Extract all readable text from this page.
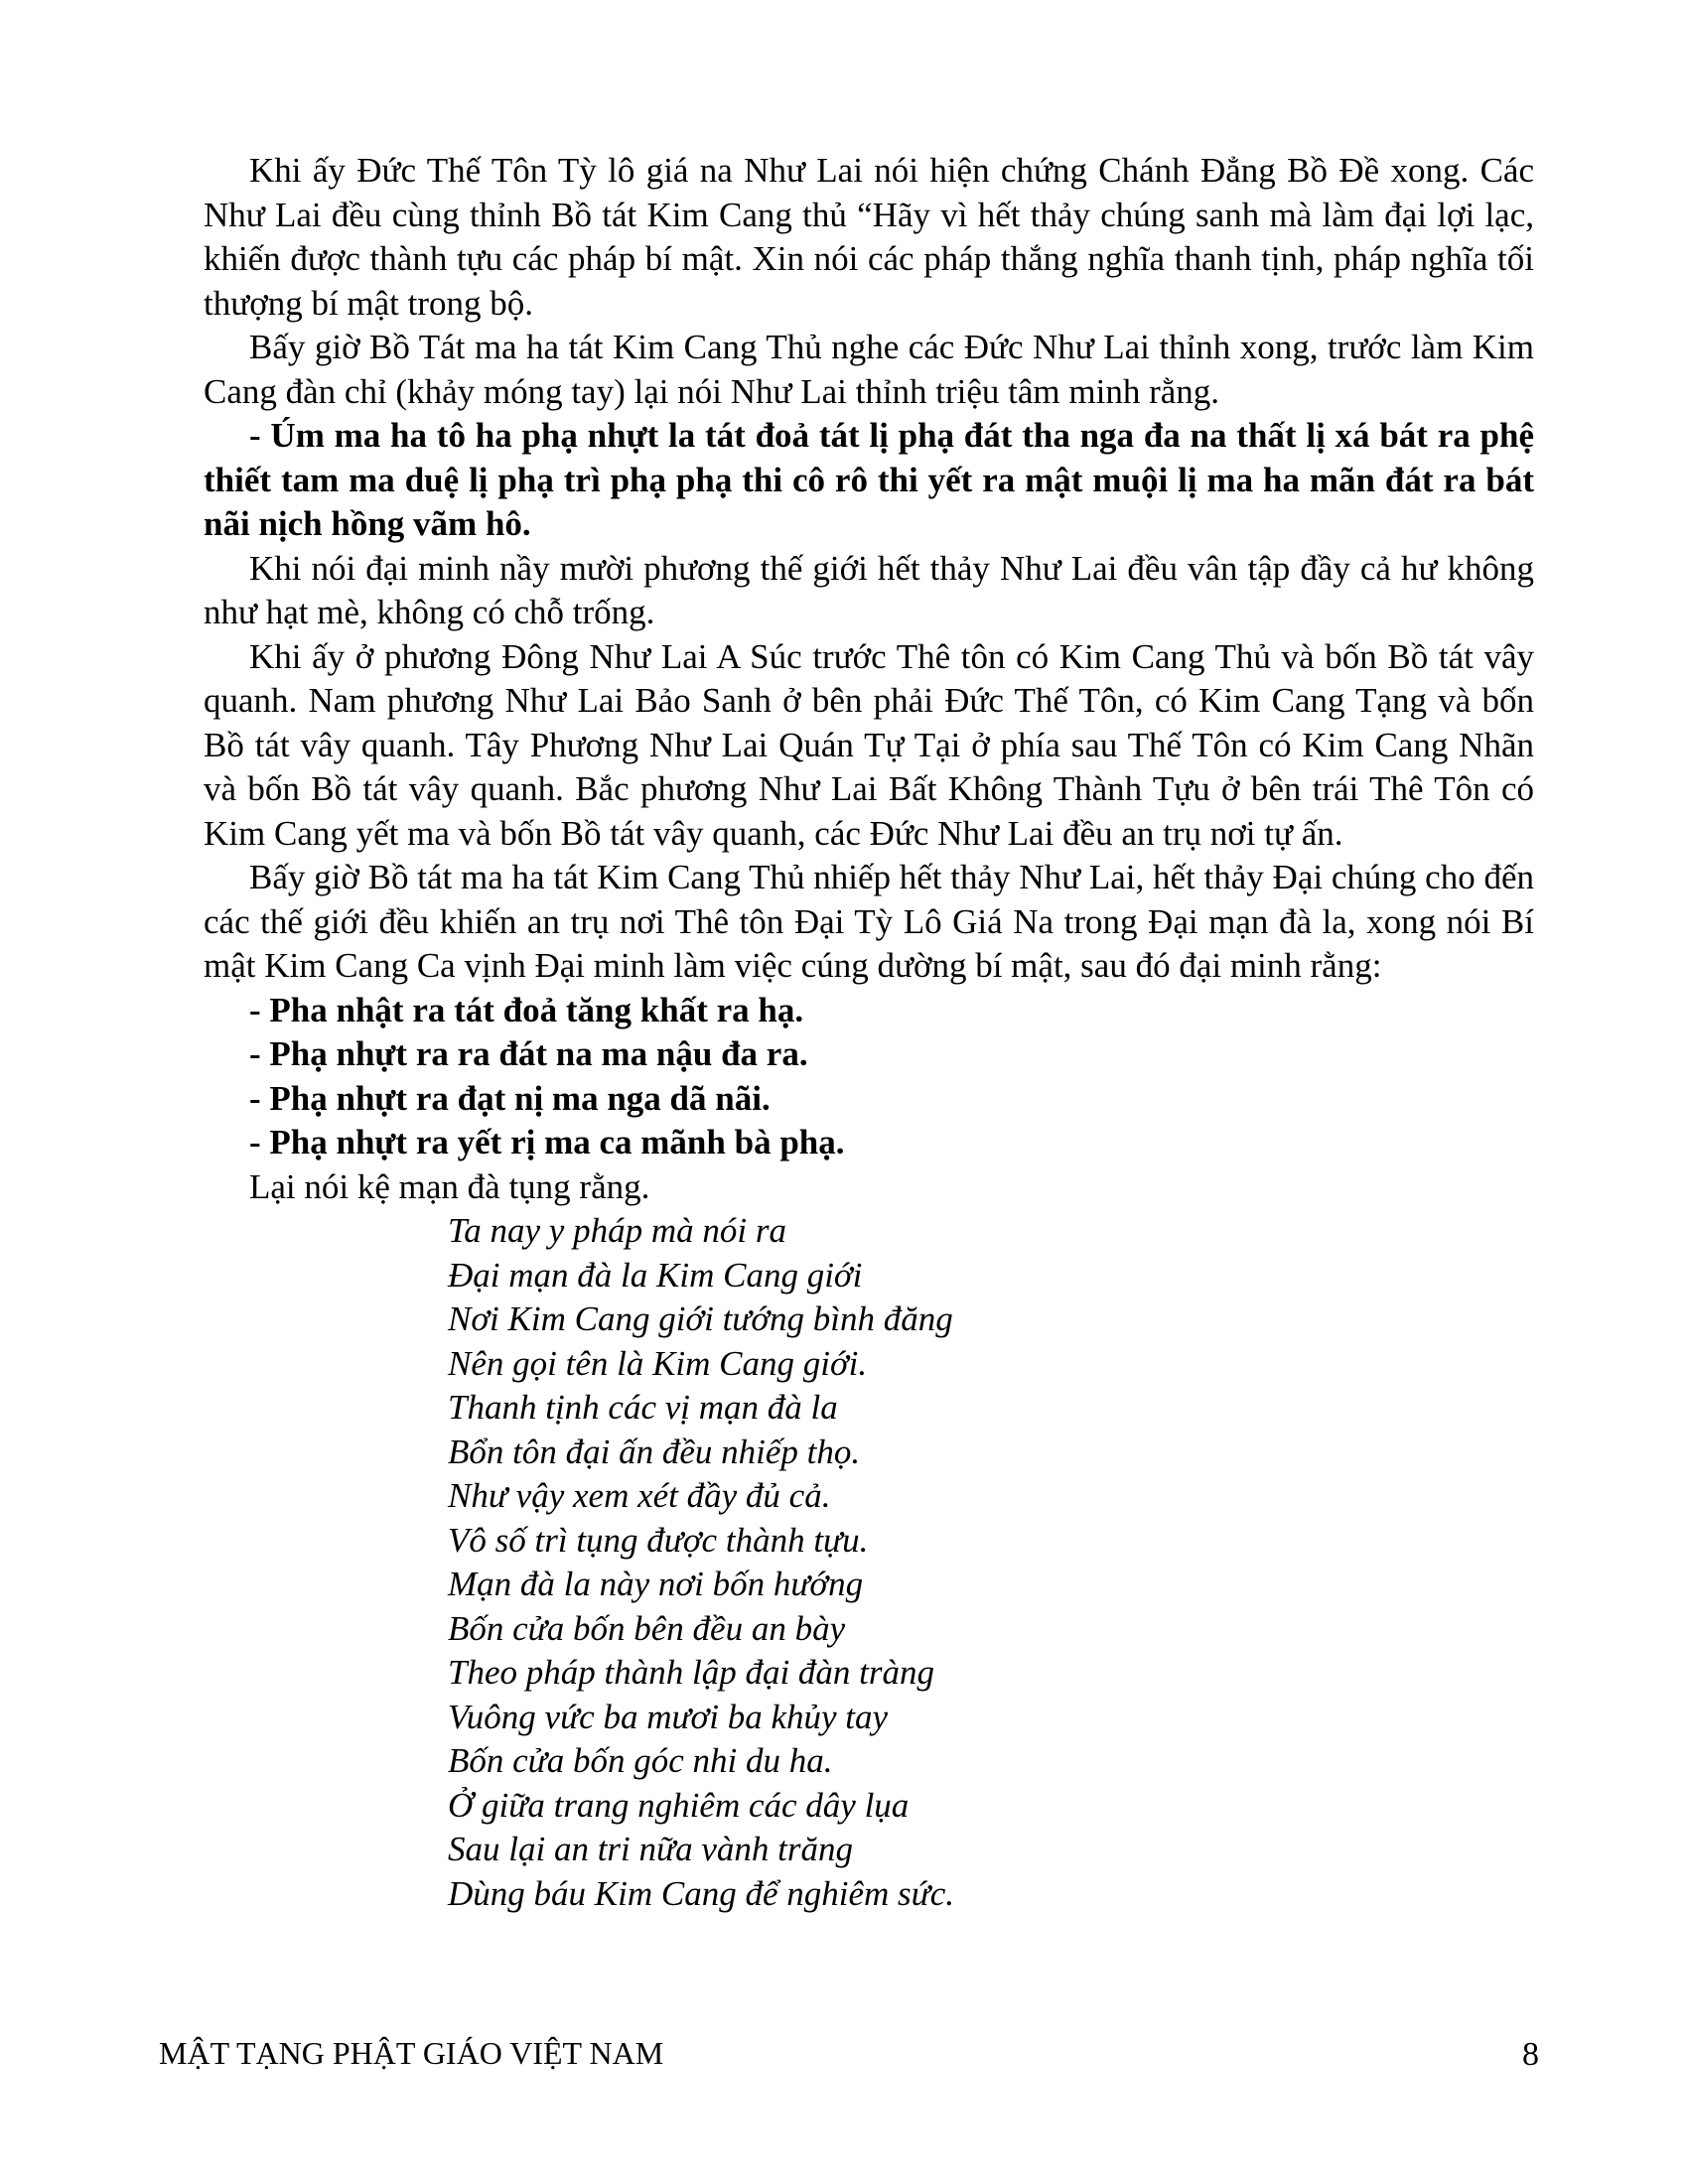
Khi ấy Đức Thế Tôn Tỳ lô giá na Như Lai nói hiện chứng Chánh Đẳng Bồ Đề xong. Các Như Lai đều cùng thỉnh Bồ tát Kim Cang thủ “Hãy vì hết thảy chúng sanh mà làm đại lợi lạc, khiến được thành tựu các pháp bí mật. Xin nói các pháp thắng nghĩa thanh tịnh, pháp nghĩa tối thượng bí mật trong bộ.

Bấy giờ Bồ Tát ma ha tát Kim Cang Thủ nghe các Đức Như Lai thỉnh xong, trước làm Kim Cang đàn chỉ (khảy móng tay) lại nói Như Lai thỉnh triệu tâm minh rằng.

- Úm ma ha tô ha phạ nhựt la tát đoả tát lị phạ đát tha nga đa na thất lị xá bát ra phệ thiết tam ma duệ lị phạ trì phạ phạ thi cô rô thi yết ra mật muội lị ma ha mãn đát ra bát nãi nịch hồng vãm hô.

Khi nói đại minh nầy mười phương thế giới hết thảy Như Lai đều vân tập đầy cả hư không như hạt mè, không có chỗ trống.

Khi ấy ở phương Đông Như Lai A Súc trước Thê tôn có Kim Cang Thủ và bốn Bồ tát vây quanh. Nam phương Như Lai Bảo Sanh ở bên phải Đức Thế Tôn, có Kim Cang Tạng và bốn Bồ tát vây quanh. Tây Phương Như Lai Quán Tự Tại ở phía sau Thế Tôn có Kim Cang Nhãn và bốn Bồ tát vây quanh. Bắc phương Như Lai Bất Không Thành Tựu ở bên trái Thê Tôn có Kim Cang yết ma và bốn Bồ tát vây quanh, các Đức Như Lai đều an trụ nơi tự ấn.

Bấy giờ Bồ tát ma ha tát Kim Cang Thủ nhiếp hết thảy Như Lai, hết thảy Đại chúng cho đến các thế giới đều khiến an trụ nơi Thê tôn Đại Tỳ Lô Giá Na trong Đại mạn đà la, xong nói Bí mật Kim Cang Ca vịnh Đại minh làm việc cúng dường bí mật, sau đó đại minh rằng:

- Pha nhật ra tát đoả tăng khất ra hạ.

- Phạ nhựt ra ra đát na ma nậu đa ra.

- Phạ nhựt ra đạt nị ma nga dã nãi.

- Phạ nhựt ra yết rị ma ca mãnh bà phạ.

Lại nói kệ mạn đà tụng rằng.

Ta nay y pháp mà nói ra
Đại mạn đà la Kim Cang giới
Nơi Kim Cang giới tướng bình đăng
Nên gọi tên là Kim Cang giới.
Thanh tịnh các vị mạn đà la
Bổn tôn đại ấn đều nhiếp thọ.
Như vậy xem xét đầy đủ cả.
Vô số trì tụng được thành tựu.
Mạn đà la này nơi bốn hướng
Bốn cửa bốn bên đều an bày
Theo pháp thành lập đại đàn tràng
Vuông vức ba mươi ba khủy tay
Bốn cửa bốn góc nhi du ha.
Ở giữa trang nghiêm các dây lụa
Sau lại an tri nữa vành trăng
Dùng báu Kim Cang để nghiêm sức.
MẬT TẠNG PHẬT GIÁO VIỆT NAM	8
